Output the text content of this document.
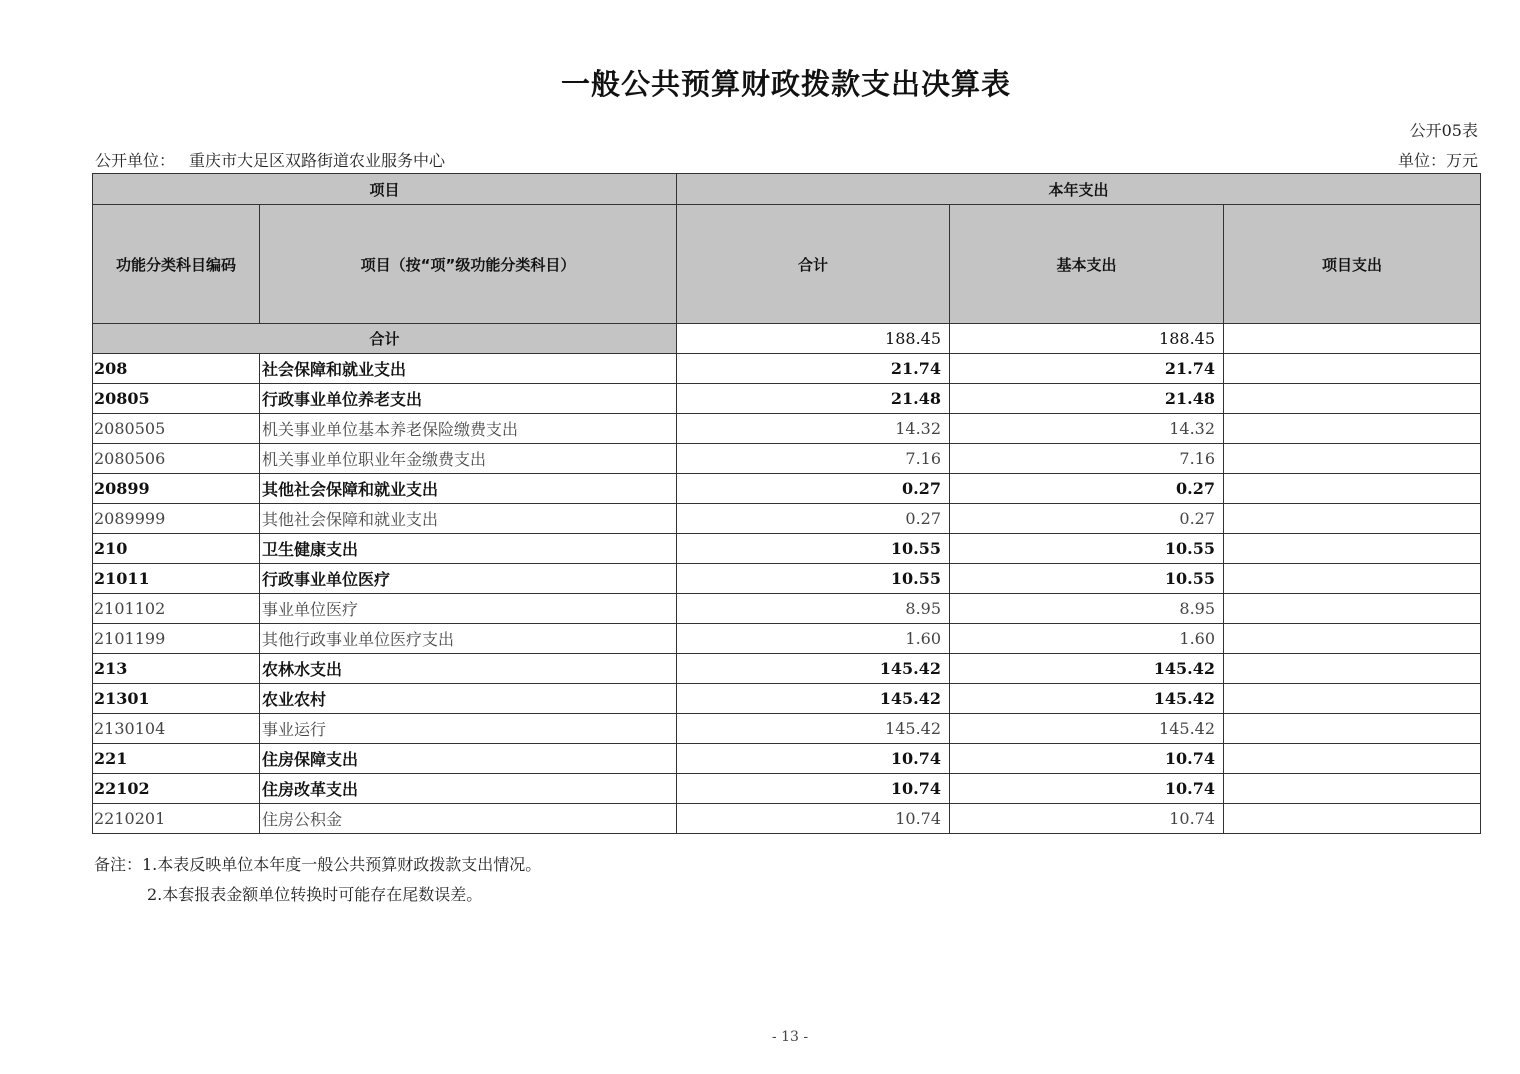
一般公共预算财政拨款支出决算表
公开05表
公开单位： 重庆市大足区双路街道农业服务中心	单位：万元
项目		本年支出		
功能分类科目编码	项目（按“项”级功能分类科目）	合计	基本支出	项目支出
合计		188.45	188.45	
208	社会保障和就业支出	21.74	21.74	
20805	行政事业单位养老支出	21.48	21.48	
2080505	机关事业单位基本养老保险缴费支出	14.32	14.32	
2080506	机关事业单位职业年金缴费支出	7.16	7.16	
20899	其他社会保障和就业支出	0.27	0.27	
2089999	其他社会保障和就业支出	0.27	0.27	
210	卫生健康支出	10.55	10.55	
21011	行政事业单位医疗	10.55	10.55	
2101102	事业单位医疗	8.95	8.95	
2101199	其他行政事业单位医疗支出	1.60	1.60	
213	农林水支出	145.42	145.42	
21301	农业农村	145.42	145.42	
2130104	事业运行	145.42	145.42	
221	住房保障支出	10.74	10.74	
22102	住房改革支出	10.74	10.74	
2210201	住房公积金	10.74	10.74	
备注：1.本表反映单位本年度一般公共预算财政拨款支出情况。
2.本套报表金额单位转换时可能存在尾数误差。
- 13 -
